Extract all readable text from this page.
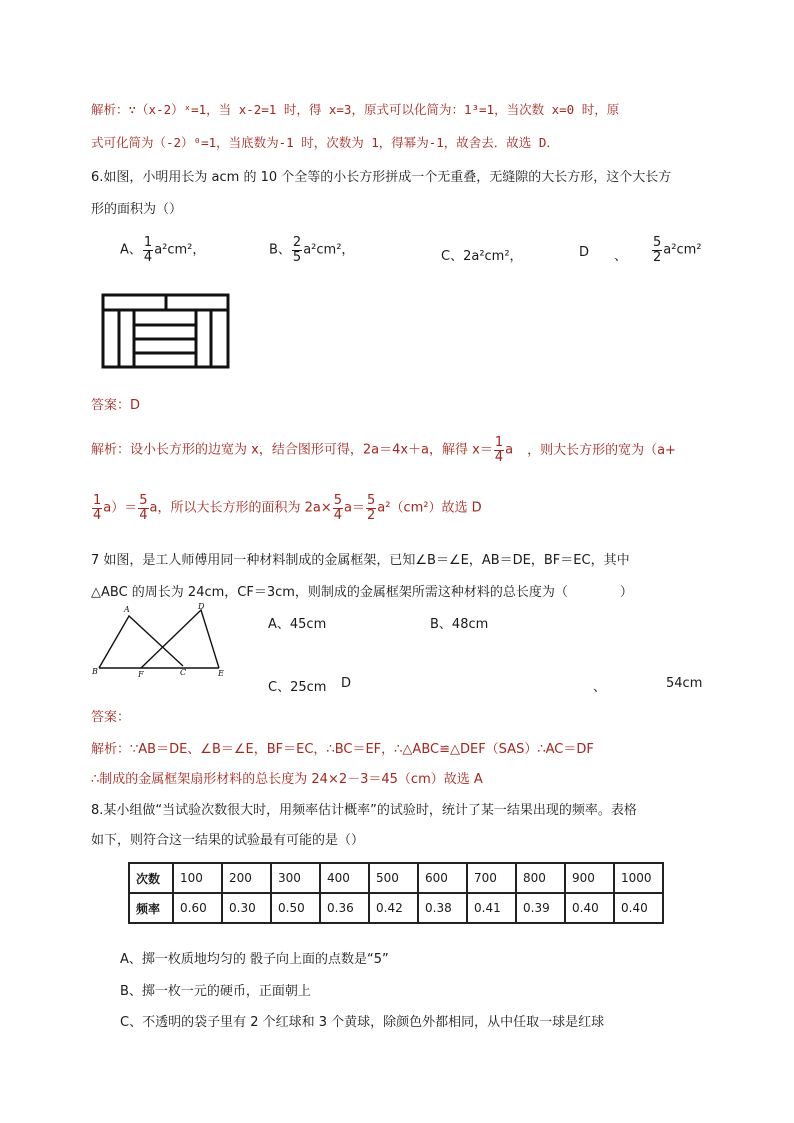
解析：∵（x-2）ˣ=1，当 x-2=1 时，得 x=3，原式可以化简为：1³=1，当次数 x=0 时，原
式可化简为（-2）⁰=1，当底数为-1 时，次数为 1，得幂为-1，故舍去．故选 D．
6.如图，小明用长为 acm 的 10 个全等的小长方形拼成一个无重叠，无缝隙的大长方形，这个大长方
形的面积为（）
A、 $\frac{1}{4} a^2cm^2$，	B、 $\frac{2}{5} a^2cm^2$，	C、2a²cm²，	D 、 $\frac{5}{2} a^2cm^2$
答案：D
解析：设小长方形的边宽为 x，结合图形可得，2a＝4x＋a，解得 $x= \frac{1}{4}$ a ，则大长方形的宽为（a+
$\frac{1}{4} a)= \frac{5}{4}$ a，所以大长方形的面积为 $2a\times \frac{5}{4} a= \frac{5}{2} a^2(cm^2)$故选 D
7 如图，是工人师傅用同一种材料制成的金属框架，已知∠B＝∠E，AB＝DE，BF＝EC，其中
△ABC 的周长为 24cm，CF＝3cm，则制成的金属框架所需这种材料的总长度为（　　　　）
A	D
B	F	C	E
A、45cm	B、48cm
C、25cm D	、	54cm
答案：
解析：∵AB＝DE、∠B＝∠E，BF＝EC，∴BC＝EF，∴△ABC≌△DEF（SAS）∴AC＝DF
∴制成的金属框架扇形材料的总长度为 24×2－3＝45（cm）故选 A
8.某小组做“当试验次数很大时，用频率估计概率”的试验时，统计了某一结果出现的频率。表格
如下，则符合这一结果的试验最有可能的是（）
次数	100	200	300	400	500	600	700	800	900	1000
频率	0.60	0.30	0.50	0.36	0.42	0.38	0.41	0.39	0.40	0.40
A、掷一枚质地均匀的 骰子向上面的点数是“5”
B、掷一枚一元的硬币，正面朝上
C、不透明的袋子里有 2 个红球和 3 个黄球，除颜色外都相同，从中任取一球是红球
